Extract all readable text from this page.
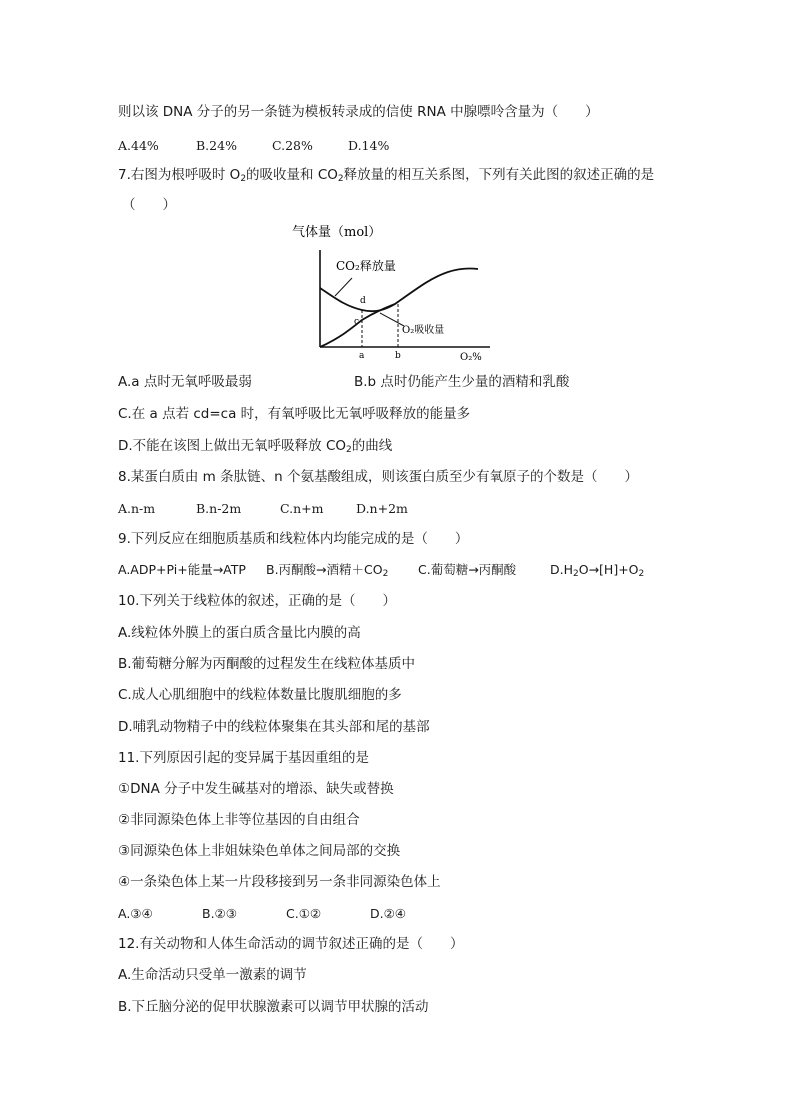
则以该 DNA 分子的另一条链为模板转录成的信使 RNA 中腺嘌呤含量为（　　）
A.44%	B.24%	C.28%	D.14%
7.右图为根呼吸时 $O_2$的吸收量和 $CO_2$释放量的相互关系图，下列有关此图的叙述正确的是
（　　）
气体量（mol）
CO₂释放量
O₂吸收量
d
c
a	b	O₂%
A.a 点时无氧呼吸最弱	B.b 点时仍能产生少量的酒精和乳酸
C.在 a 点若 cd=ca 时，有氧呼吸比无氧呼吸释放的能量多
D.不能在该图上做出无氧呼吸释放 $CO_2$的曲线
8.某蛋白质由 m 条肽链、n 个氨基酸组成，则该蛋白质至少有氧原子的个数是（　　）
A.n-m	B.n-2m	C.n+m	D.n+2m
9.下列反应在细胞质基质和线粒体内均能完成的是（　　）
A.ADP+Pi+能量→ATP B.丙酮酸→酒精$+CO_2$ C.葡萄糖→丙酮酸	$D.H_2O\to[H]+O_2$
10.下列关于线粒体的叙述，正确的是（　　）
A.线粒体外膜上的蛋白质含量比内膜的高
B.葡萄糖分解为丙酮酸的过程发生在线粒体基质中
C.成人心肌细胞中的线粒体数量比腹肌细胞的多
D.哺乳动物精子中的线粒体聚集在其头部和尾的基部
11.下列原因引起的变异属于基因重组的是
①DNA 分子中发生碱基对的增添、缺失或替换
②非同源染色体上非等位基因的自由组合
③同源染色体上非姐妹染色单体之间局部的交换
④一条染色体上某一片段移接到另一条非同源染色体上
A.③④	B.②③	C.①②	D.②④
12.有关动物和人体生命活动的调节叙述正确的是（　　）
A.生命活动只受单一激素的调节
B.下丘脑分泌的促甲状腺激素可以调节甲状腺的活动
